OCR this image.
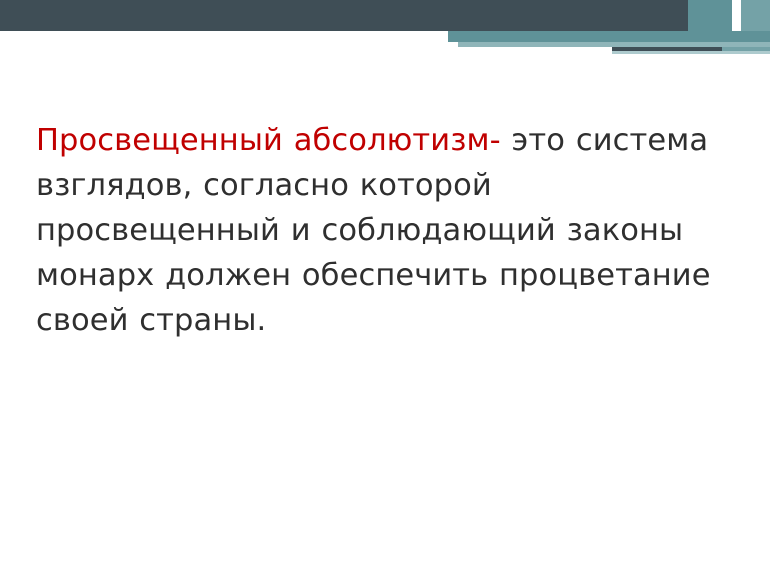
Просвещенный абсолютизм- это система взглядов, согласно которой просвещенный и соблюдающий законы монарх должен обеспечить процветание своей страны.
